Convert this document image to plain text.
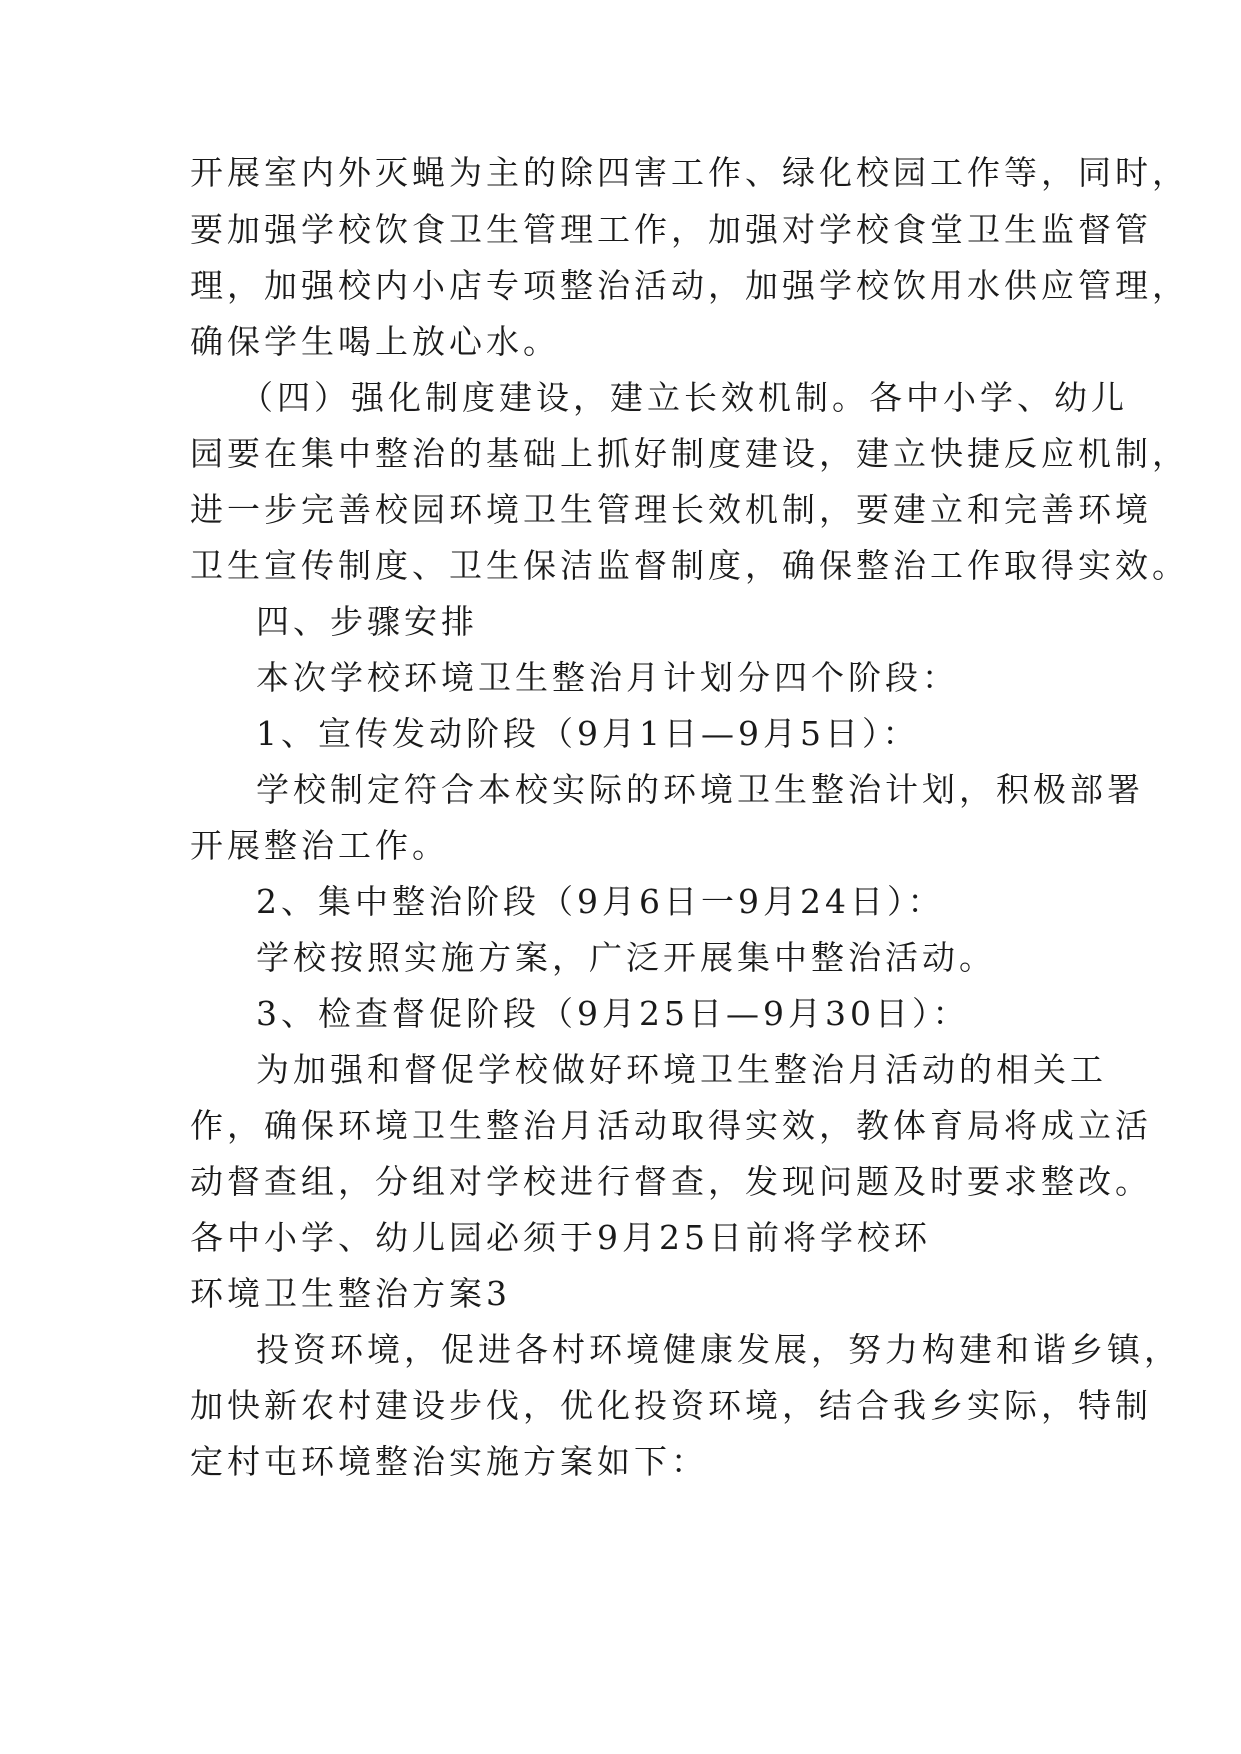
开展室内外灭蝇为主的除四害工作、绿化校园工作等，同时，
要加强学校饮食卫生管理工作，加强对学校食堂卫生监督管
理，加强校内小店专项整治活动，加强学校饮用水供应管理，
确保学生喝上放心水。
（四）强化制度建设，建立长效机制。各中小学、幼儿
园要在集中整治的基础上抓好制度建设，建立快捷反应机制，
进一步完善校园环境卫生管理长效机制，要建立和完善环境
卫生宣传制度、卫生保洁监督制度，确保整治工作取得实效。
四、步骤安排
本次学校环境卫生整治月计划分四个阶段：
1、宣传发动阶段（9月1日—9月5日）：
学校制定符合本校实际的环境卫生整治计划，积极部署
开展整治工作。
2、集中整治阶段（9月6日一9月24日）：
学校按照实施方案，广泛开展集中整治活动。
3、检查督促阶段（9月25日—9月30日）：
为加强和督促学校做好环境卫生整治月活动的相关工
作，确保环境卫生整治月活动取得实效，教体育局将成立活
动督查组，分组对学校进行督查，发现问题及时要求整改。
各中小学、幼儿园必须于9月25日前将学校环
环境卫生整治方案3
投资环境，促进各村环境健康发展，努力构建和谐乡镇，
加快新农村建设步伐，优化投资环境，结合我乡实际，特制
定村屯环境整治实施方案如下：
